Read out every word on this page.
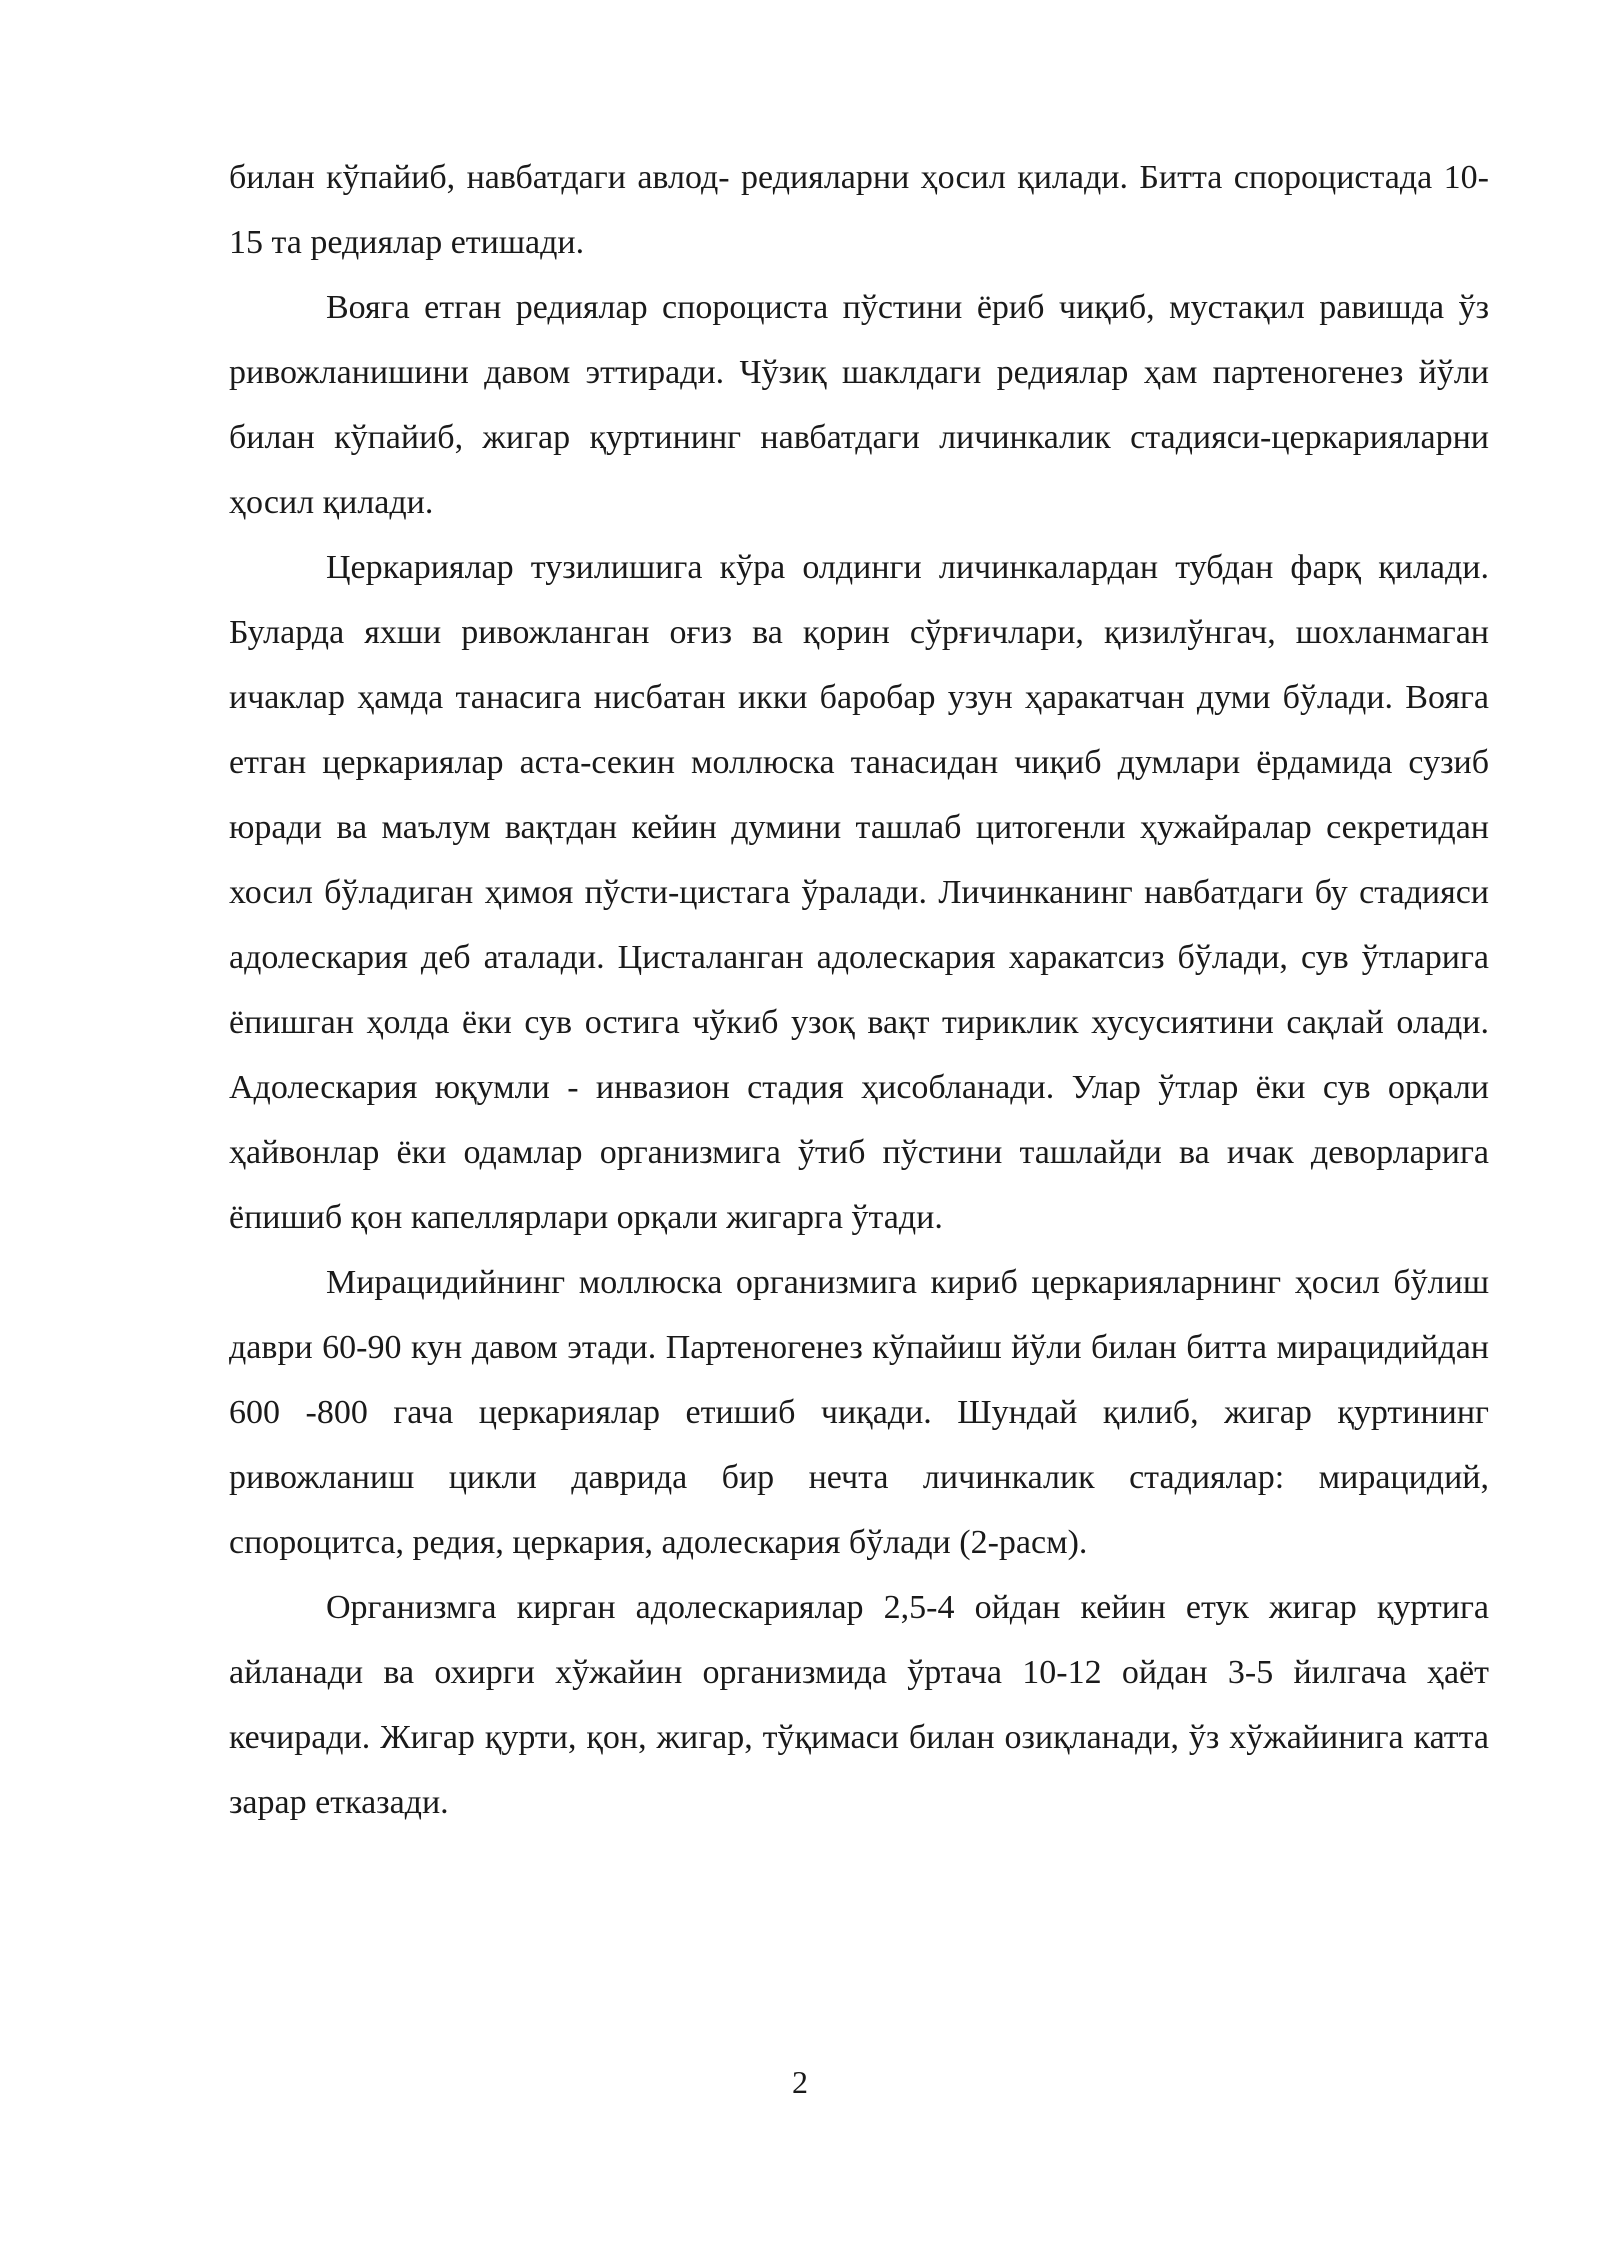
билан кўпайиб, навбатдаги авлод- редияларни ҳосил қилади. Битта спороцистада 10-15 та редиялар етишади.

Вояга етган редиялар спороциста пўстини ёриб чиқиб, мустақил равишда ўз ривожланишини давом эттиради. Чўзиқ шаклдаги редиялар ҳам партеногенез йўли билан кўпайиб, жигар қуртининг навбатдаги личинкалик стадияси-церкарияларни ҳосил қилади.

Церкариялар тузилишига кўра олдинги личинкалардан тубдан фарқ қилади. Буларда яхши ривожланган оғиз ва қорин сўрғичлари, қизилўнгач, шохланмаган ичаклар ҳамда танасига нисбатан икки баробар узун ҳаракатчан думи бўлади. Вояга етган церкариялар аста-секин моллюска танасидан чиқиб думлари ёрдамида сузиб юради ва маълум вақтдан кейин думини ташлаб цитогенли ҳужайралар секретидан хосил бўладиган ҳимоя пўсти-цистага ўралади. Личинканинг навбатдаги бу стадияси адолескария деб аталади. Цисталанган адолескария харакатсиз бўлади, сув ўтларига ёпишган ҳолда ёки сув остига чўкиб узоқ вақт тириклик хусусиятини сақлай олади. Адолескария юқумли - инвазион стадия ҳисобланади. Улар ўтлар ёки сув орқали ҳайвонлар ёки одамлар организмига ўтиб пўстини ташлайди ва ичак деворларига ёпишиб қон капеллярлари орқали жигарга ўтади.

Мирацидийнинг моллюска организмига кириб церкарияларнинг ҳосил бўлиш даври 60-90 кун давом этади. Партеногенез кўпайиш йўли билан битта мирацидийдан 600 -800 гача церкариялар етишиб чиқади. Шундай қилиб, жигар қуртининг ривожланиш цикли даврида бир нечта личинкалик стадиялар: мирацидий, спороцитса, редия, церкария, адолескария бўлади (2-расм).

Организмга кирган адолескариялар 2,5-4 ойдан кейин етук жигар қуртига айланади ва охирги хўжайин организмида ўртача 10-12 ойдан 3-5 йилгача ҳаёт кечиради. Жигар қурти, қон, жигар, тўқимаси билан озиқланади, ўз хўжайинига катта зарар етказади.

2
